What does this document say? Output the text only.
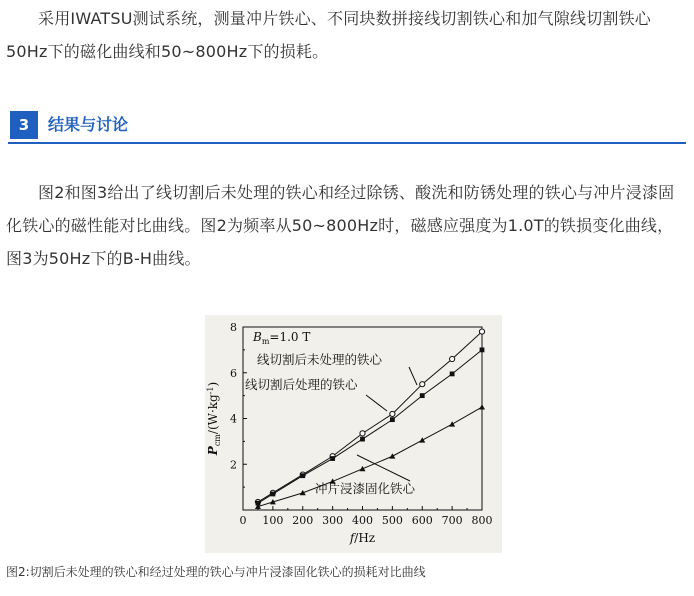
采用IWATSU测试系统，测量冲片铁心、不同块数拼接线切割铁心和加气隙线切割铁心50Hz下的磁化曲线和50~800Hz下的损耗。

3	结果与讨论

图2和图3给出了线切割后未处理的铁心和经过除锈、酸洗和防锈处理的铁心与冲片浸漆固化铁心的磁性能对比曲线。图2为频率从50~800Hz时，磁感应强度为1.0T的铁损变化曲线，图3为50Hz下的B-H曲线。

0 100 200 300 400 500 600 700 800
2
4
6
8
f/Hz
$P_{cm}/(W\cdot kg^{-1})$
$B_m=1.0$ T
线切割后未处理的铁心
线切割后处理的铁心
冲片浸漆固化铁心
图2:切割后未处理的铁心和经过处理的铁心与冲片浸漆固化铁心的损耗对比曲线
